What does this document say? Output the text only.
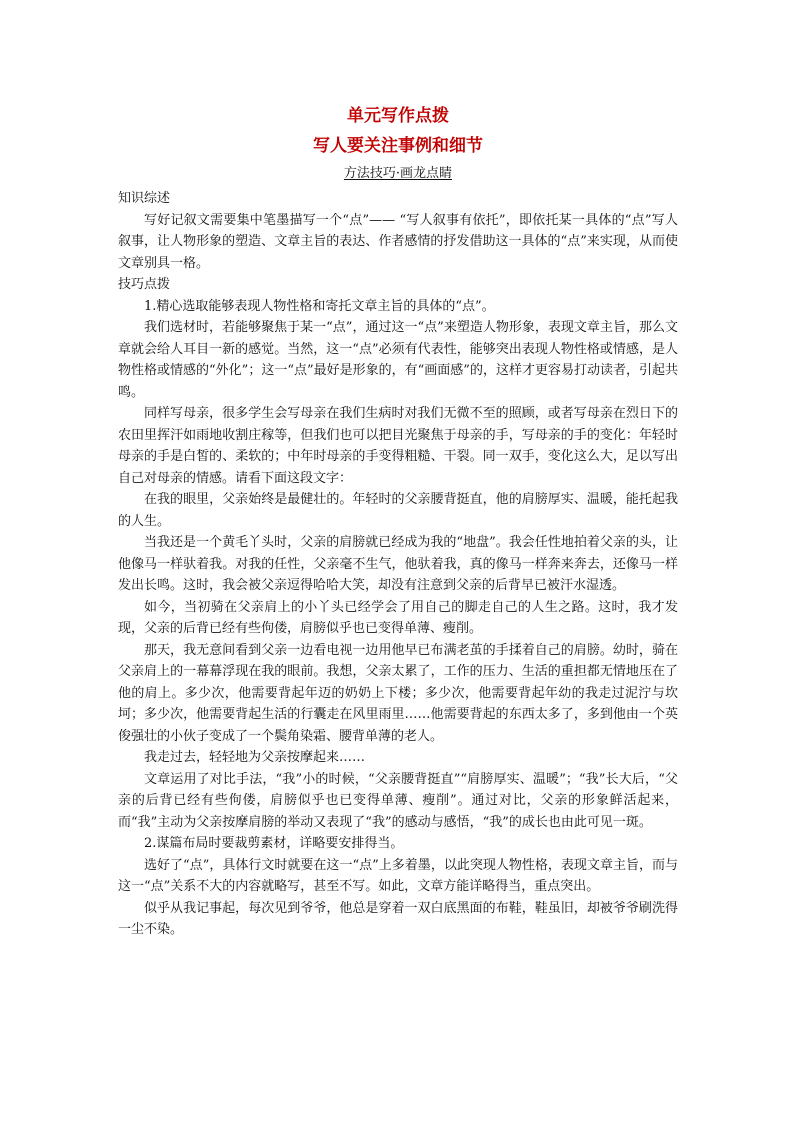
单元写作点拨
写人要关注事例和细节
方法技巧·画龙点睛
知识综述

写好记叙文需要集中笔墨描写一个“点”—— “写人叙事有依托”，即依托某一具体的“点”写人叙事，让人物形象的塑造、文章主旨的表达、作者感情的抒发借助这一具体的“点”来实现，从而使文章别具一格。

技巧点拨

1.精心选取能够表现人物性格和寄托文章主旨的具体的“点”。

我们选材时，若能够聚焦于某一“点”，通过这一“点”来塑造人物形象，表现文章主旨，那么文章就会给人耳目一新的感觉。当然，这一“点”必须有代表性，能够突出表现人物性格或情感，是人物性格或情感的“外化”；这一“点”最好是形象的，有“画面感”的，这样才更容易打动读者，引起共鸣。

同样写母亲，很多学生会写母亲在我们生病时对我们无微不至的照顾，或者写母亲在烈日下的农田里挥汗如雨地收割庄稼等，但我们也可以把目光聚焦于母亲的手，写母亲的手的变化：年轻时母亲的手是白皙的、柔软的；中年时母亲的手变得粗糙、干裂。同一双手，变化这么大，足以写出自己对母亲的情感。请看下面这段文字：

在我的眼里，父亲始终是最健壮的。年轻时的父亲腰背挺直，他的肩膀厚实、温暖，能托起我的人生。

当我还是一个黄毛丫头时，父亲的肩膀就已经成为我的“地盘”。我会任性地拍着父亲的头，让他像马一样驮着我。对我的任性，父亲毫不生气，他驮着我，真的像马一样奔来奔去，还像马一样发出长鸣。这时，我会被父亲逗得哈哈大笑，却没有注意到父亲的后背早已被汗水湿透。

如今，当初骑在父亲肩上的小丫头已经学会了用自己的脚走自己的人生之路。这时，我才发现，父亲的后背已经有些佝偻，肩膀似乎也已变得单薄、瘦削。

那天，我无意间看到父亲一边看电视一边用他早已布满老茧的手揉着自己的肩膀。幼时，骑在父亲肩上的一幕幕浮现在我的眼前。我想，父亲太累了，工作的压力、生活的重担都无情地压在了他的肩上。多少次，他需要背起年迈的奶奶上下楼；多少次，他需要背起年幼的我走过泥泞与坎坷；多少次，他需要背起生活的行囊走在风里雨里……他需要背起的东西太多了，多到他由一个英俊强壮的小伙子变成了一个鬓角染霜、腰背单薄的老人。

我走过去，轻轻地为父亲按摩起来……

文章运用了对比手法，“我”小的时候，“父亲腰背挺直”“肩膀厚实、温暖”；“我”长大后，“父亲的后背已经有些佝偻，肩膀似乎也已变得单薄、瘦削”。通过对比，父亲的形象鲜活起来，而“我”主动为父亲按摩肩膀的举动又表现了“我”的感动与感悟，“我”的成长也由此可见一斑。

2.谋篇布局时要裁剪素材，详略要安排得当。

选好了“点”，具体行文时就要在这一“点”上多着墨，以此突现人物性格，表现文章主旨，而与这一“点”关系不大的内容就略写，甚至不写。如此，文章方能详略得当，重点突出。

似乎从我记事起，每次见到爷爷，他总是穿着一双白底黑面的布鞋，鞋虽旧，却被爷爷刷洗得一尘不染。
